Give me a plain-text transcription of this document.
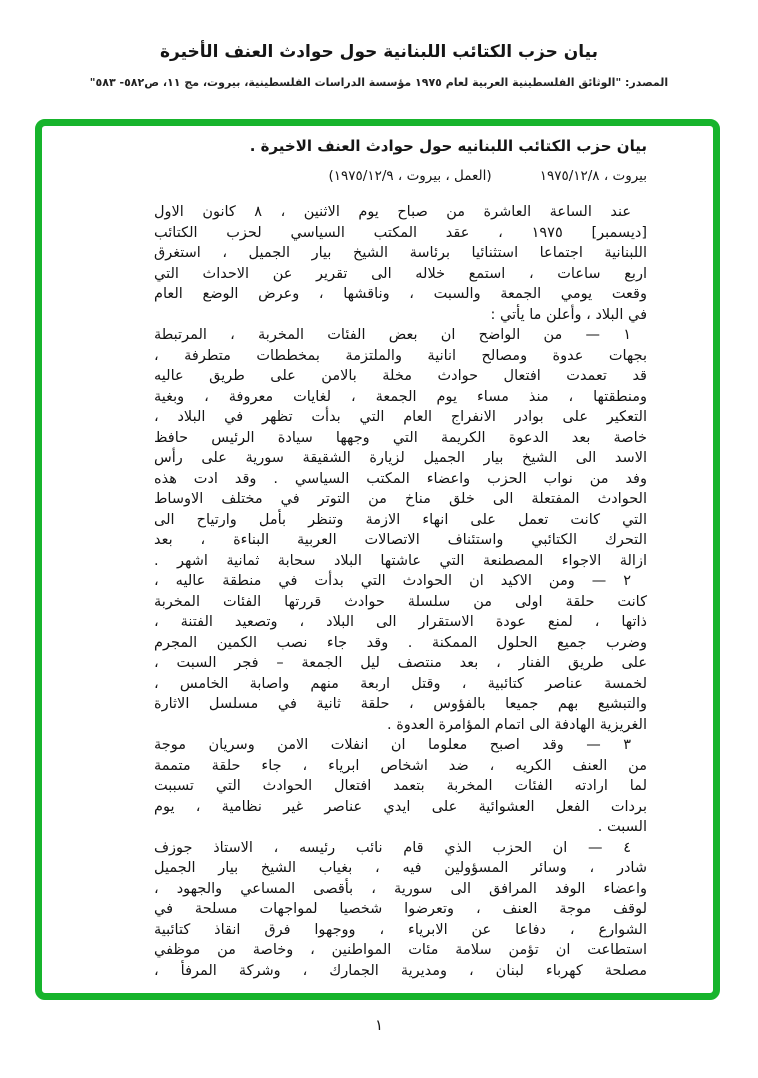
بيان حزب الكتائب اللبنانية حول حوادث العنف الأخيرة
المصدر: "الوثائق الفلسطينية العربية لعام ١٩٧٥ مؤسسة الدراسات الفلسطينية، بيروت، مج ١١، ص٥٨٢- ٥٨٣"
بيان حزب الكتائب اللبنانيه حول حوادث العنف الاخيرة .
بيروت ، ١٩٧٥/١٢/٨
(العمل ، بيروت ، ١٩٧٥/١٢/٩)
عند الساعة العاشرة من صباح يوم الاثنين ، ٨ كانون الاول
[ديسمبر] ١٩٧٥ ، عقد المكتب السياسي لحزب الكتائب
اللبنانية اجتماعا استثنائيا برئاسة الشيخ بيار الجميل ، استغرق
اربع ساعات ، استمع خلاله الى تقرير عن الاحداث التي
وقعت يومي الجمعة والسبت ، وناقشها ، وعرض الوضع العام
في البلاد ، وأعلن ما يأتي :
١ — من الواضح ان بعض الفئات المخربة ، المرتبطة
بجهات عدوة ومصالح انانية والملتزمة بمخططات متطرفة ،
قد تعمدت افتعال حوادث مخلة بالامن على طريق عاليه
ومنطقتها ، منذ مساء يوم الجمعة ، لغايات معروفة ، وبغية
التعكير على بوادر الانفراج العام التي بدأت تظهر في البلاد ،
خاصة بعد الدعوة الكريمة التي وجهها سيادة الرئيس حافظ
الاسد الى الشيخ بيار الجميل لزيارة الشقيقة سورية على رأس
وفد من نواب الحزب واعضاء المكتب السياسي . وقد ادت هذه
الحوادث المفتعلة الى خلق مناخ من التوتر في مختلف الاوساط
التي كانت تعمل على انهاء الازمة وتنظر بأمل وارتياح الى
التحرك الكتائبي واستئناف الاتصالات العربية البناءة ، بعد
ازالة الاجواء المصطنعة التي عاشتها البلاد سحابة ثمانية اشهر .
٢ — ومن الاكيد ان الحوادث التي بدأت في منطقة عاليه ،
كانت حلقة اولى من سلسلة حوادث قررتها الفئات المخربة
ذاتها ، لمنع عودة الاستقرار الى البلاد ، وتصعيد الفتنة ،
وضرب جميع الحلول الممكنة . وقد جاء نصب الكمين المجرم
على طريق الفنار ، بعد منتصف ليل الجمعة – فجر السبت ،
لخمسة عناصر كتائبية ، وقتل اربعة منهم واصابة الخامس ،
والتبشيع بهم جميعا بالفؤوس ، حلقة ثانية في مسلسل الاثارة
الغريزية الهادفة الى اتمام المؤامرة العدوة .
٣ — وقد اصبح معلوما ان انفلات الامن وسريان موجة
من العنف الكريه ، ضد اشخاص ابرياء ، جاء حلقة متممة
لما ارادته الفئات المخربة بتعمد افتعال الحوادث التي تسببت
بردات الفعل العشوائية على ايدي عناصر غير نظامية ، يوم
السبت .
٤ — ان الحزب الذي قام نائب رئيسه ، الاستاذ جوزف
شادر ، وسائر المسؤولين فيه ، بغياب الشيخ بيار الجميل
واعضاء الوفد المرافق الى سورية ، بأقصى المساعي والجهود ،
لوقف موجة العنف ، وتعرضوا شخصيا لمواجهات مسلحة في
الشوارع ، دفاعا عن الابرياء ، ووجهوا فرق انقاذ كتائبية
استطاعت ان تؤمن سلامة مئات المواطنين ، وخاصة من موظفي
مصلحة كهرباء لبنان ، ومديرية الجمارك ، وشركة المرفأ ،
١
